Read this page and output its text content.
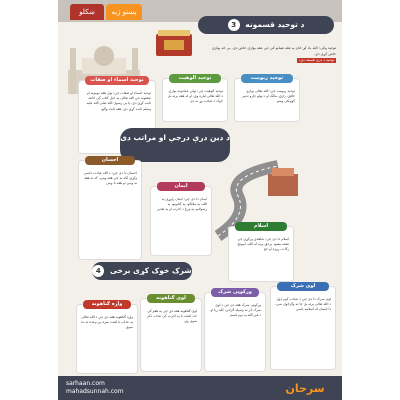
پښتو ژبه
ښکلو
3 د توحید قسمونه
توحید وائی: الله یاد کړ ځان په هغه شیانو کې چې هغه یوازې خاص دی، یې څه یوازې خاص کړې دي.
توحید د درې قسمه دی:
توحید اسماء او صفات
توحید اسماء او صفات چې: ټول هغه نومونه او صفتونه چې الله تعالی په خپل کتاب کې ځانته ثابت کړي دي، یا یې رسول الله صلی الله علیه وسلم ثابت کړي دي، هغه ثابت وګڼو
توحید الوهیت
توحید الوهیت چې: ټولې عبادتونه یوازې د الله تعالی لپاره وي، او له هغه پرته بل څوک د عبادت وړ نه دی
توحید ربوبیت
توحید ربوبیت چې: الله تعالی یوازې خالق، رازق، مالک او د ټولو چارو تدبیر کوونکی ومنو
د دین درې درجې او مراتب دی
احسان
احسان دا دی چې: د الله عبادت داسې وکړې لکه ته چې هغه وینې، که ته هغه نه وینې نو هغه تا ویني	ایمان
ایمان دا دی چې: ایمان راوړې په الله، په ملائکو، په کتابونو، په رسولانو، په ورځ د اخرت او په تقدیر
اسلام
اسلام دا دی چې: شاهدي ورکړې چې نشته معبود برحق پرته له الله، لمونځ، زکات، روژه او حج
4 شرک خوک کړی برخی
واړه ګناهونه
واړه ګناهونه هغه دي چې د الله تعالی په عذاب یا لعنت سره یې وعده نه ده شوې
لوی ګناهونه
لوی ګناهونه هغه دي چې په هغو کې حد، لعنت یا په اخرت کې عذاب ذکر شوی وي
ورکوټی شرک
ورکوټی شرک هغه دی چې د لوی شرک لار ته وسیله ګرځي، لکه ریا او د غیر الله په نوم قسم
لوی شرک
لوی شرک دا دی چې د عبادت کوم ډول د الله تعالی پرته بل چا ته وګرځول شي، دا انسان له اسلامه باسي
sarhaan.com
mahadsunnah.com	سرحان
